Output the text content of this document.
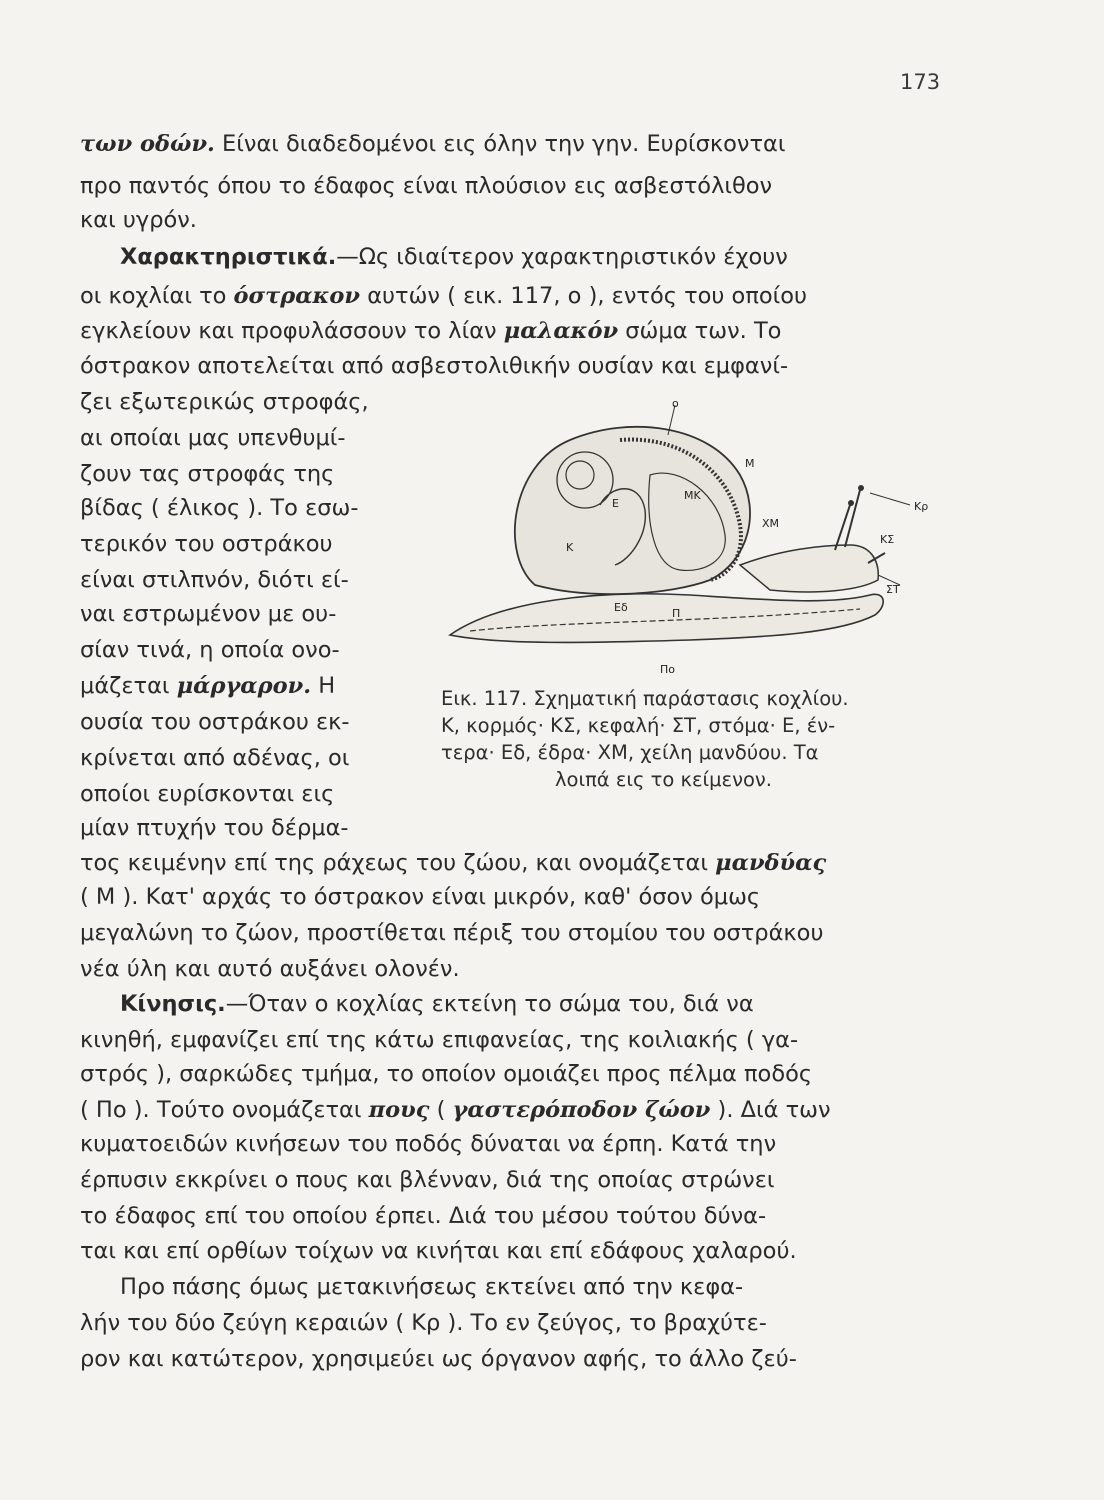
173
των οδών. Είναι διαδεδομένοι εις όλην την γην. Ευρίσκονται
προ παντός όπου το έδαφος είναι πλούσιον εις ασβεστόλιθον
και υγρόν.
Χαρακτηριστικά.—Ως ιδιαίτερον χαρακτηριστικόν έχουν
οι κοχλίαι το όστρακον αυτών ( εικ. 117, ο ), εντός του οποίου
εγκλείουν και προφυλάσσουν το λίαν μαλακόν σώμα των. Το
όστρακον αποτελείται από ασβεστολιθικήν ουσίαν και εμφανί-
ζει εξωτερικώς στροφάς,
αι οποίαι μας υπενθυμί-
ζουν τας στροφάς της
βίδας ( έλικος ). Το εσω-
τερικόν του οστράκου
είναι στιλπνόν, διότι εί-
ναι εστρωμένον με ου-
σίαν τινά, η οποία ονο-
μάζεται μάργαρον. Η
ουσία του οστράκου εκ-
κρίνεται από αδένας, οι
οποίοι ευρίσκονται εις
μίαν πτυχήν του δέρμα-
ο
Μ
ΜΚ
Ε
ΧΜ
Κ
Κρ
ΚΣ
ΣΤ
Εδ	Π
Πο
Εικ. 117. Σχηματική παράστασις κοχλίου.
Κ, κορμός· ΚΣ, κεφαλή· ΣΤ, στόμα· Ε, έν-
τερα· Εδ, έδρα· ΧΜ, χείλη μανδύου. Τα
λοιπά εις το κείμενον.
τος κειμένην επί της ράχεως του ζώου, και ονομάζεται μανδύας
( Μ ). Κατ' αρχάς το όστρακον είναι μικρόν, καθ' όσον όμως
μεγαλώνη το ζώον, προστίθεται πέριξ του στομίου του οστράκου
νέα ύλη και αυτό αυξάνει ολονέν.
Κίνησις.—Όταν ο κοχλίας εκτείνη το σώμα του, διά να
κινηθή, εμφανίζει επί της κάτω επιφανείας, της κοιλιακής ( γα-
στρός ), σαρκώδες τμήμα, το οποίον ομοιάζει προς πέλμα ποδός
( Πο ). Τούτο ονομάζεται πους ( γαστερόποδον ζώον ). Διά των
κυματοειδών κινήσεων του ποδός δύναται να έρπη. Κατά την
έρπυσιν εκκρίνει ο πους και βλένναν, διά της οποίας στρώνει
το έδαφος επί του οποίου έρπει. Διά του μέσου τούτου δύνα-
ται και επί ορθίων τοίχων να κινήται και επί εδάφους χαλαρού.
Προ πάσης όμως μετακινήσεως εκτείνει από την κεφα-
λήν του δύο ζεύγη κεραιών ( Κρ ). Το εν ζεύγος, το βραχύτε-
ρον και κατώτερον, χρησιμεύει ως όργανον αφής, το άλλο ζεύ-
